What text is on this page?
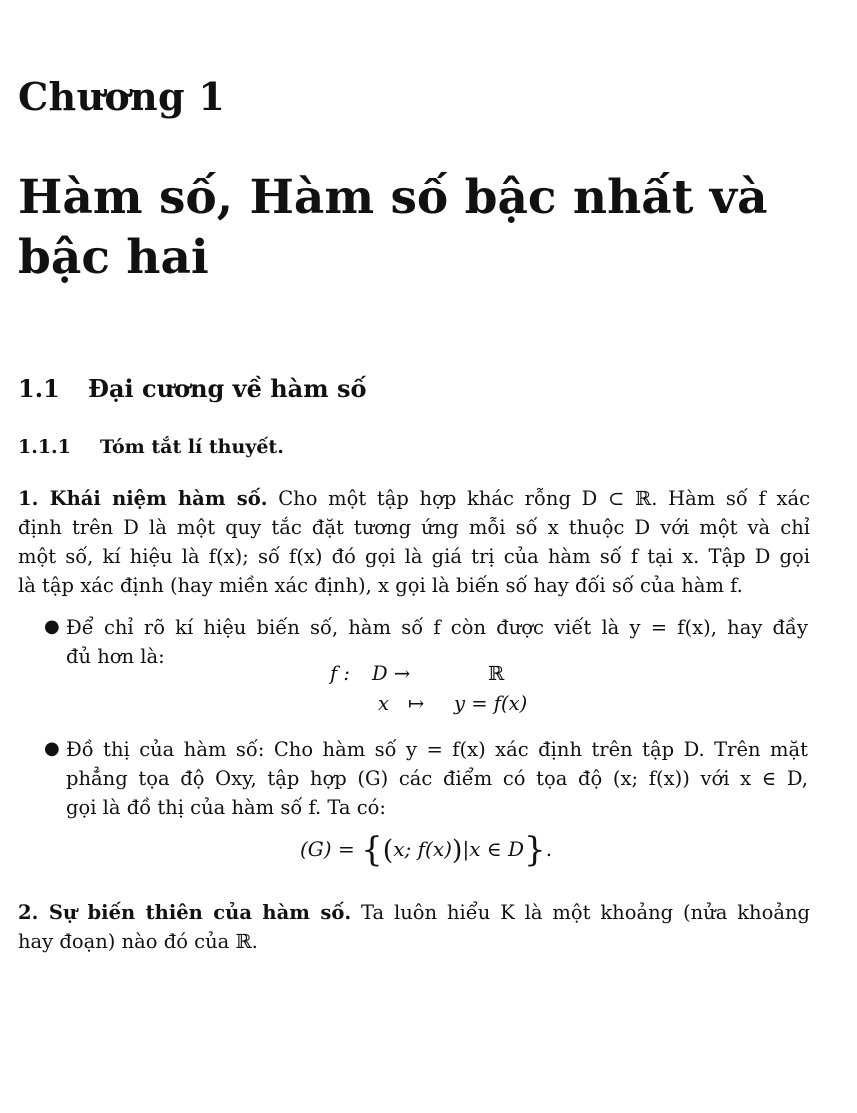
Chương 1
Hàm số, Hàm số bậc nhất và bậc hai
1.1 Đại cương về hàm số
1.1.1 Tóm tắt lí thuyết.
1. Khái niệm hàm số. Cho một tập hợp khác rỗng D ⊂ ℝ. Hàm số f xác
định trên D là một quy tắc đặt tương ứng mỗi số x thuộc D với một và chỉ
một số, kí hiệu là f(x); số f(x) đó gọi là giá trị của hàm số f tại x. Tập D gọi
là tập xác định (hay miền xác định), x gọi là biến số hay đối số của hàm f.
● Để chỉ rõ kí hiệu biến số, hàm số f còn được viết là y = f(x), hay đầy
đủ hơn là:
f : D →	ℝ
x ↦ y = f(x)
● Đồ thị của hàm số: Cho hàm số y = f(x) xác định trên tập D. Trên mặt
phẳng tọa độ Oxy, tập hợp (G) các điểm có tọa độ (x; f(x)) với x ∈ D,
gọi là đồ thị của hàm số f. Ta có:
(G) = {(x; f(x))|x ∈ D}.
2. Sự biến thiên của hàm số. Ta luôn hiểu K là một khoảng (nửa khoảng
hay đoạn) nào đó của ℝ.
